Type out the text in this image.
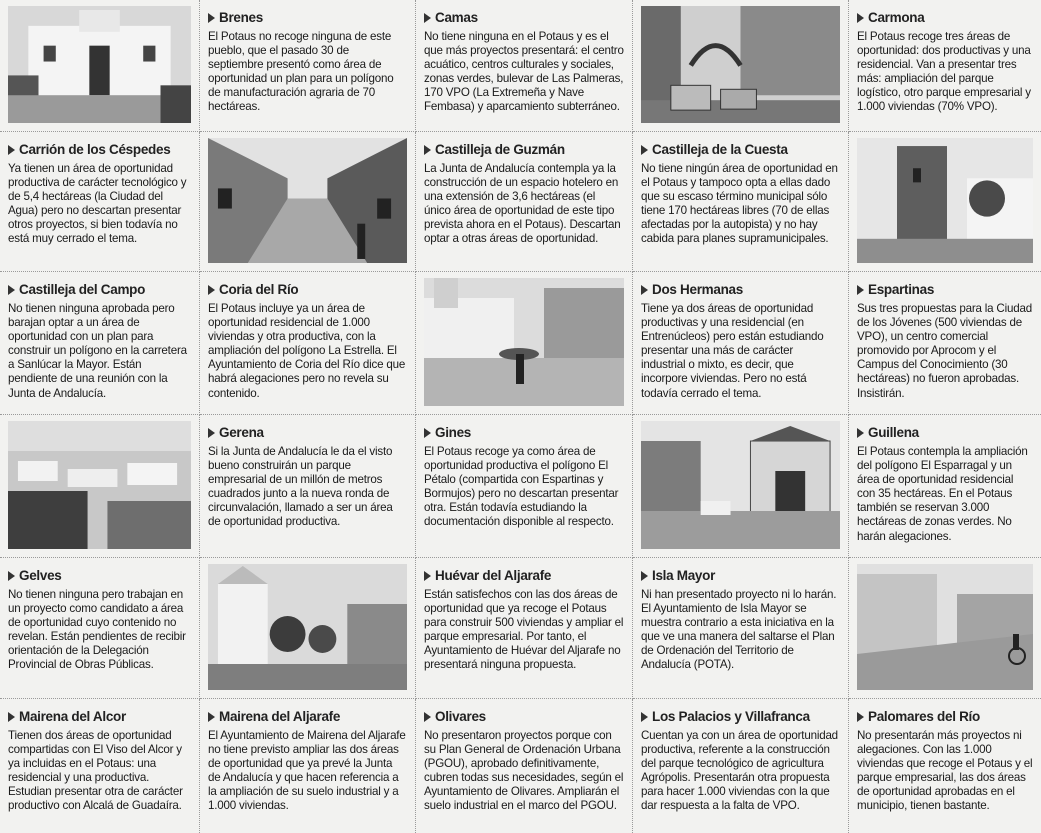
Brenes

El Potaus no recoge ninguna de este pueblo, que el pasado 30 de septiembre presentó como área de oportunidad un plan para un polígono de manufacturación agraria de 70 hectáreas.

Camas

No tiene ninguna en el Potaus y es el que más proyectos presentará: el centro acuático, centros culturales y sociales, zonas verdes, bulevar de Las Palmeras, 170 VPO (La Extremeña y Nave Fembasa) y aparcamiento subterráneo.

Carmona

El Potaus recoge tres áreas de oportunidad: dos productivas y una residencial. Van a presentar tres más: ampliación del parque logístico, otro parque empresarial y 1.000 viviendas (70% VPO).

Carrión de los Céspedes

Ya tienen un área de oportunidad productiva de carácter tecnológico y de 5,4 hectáreas (la Ciudad del Agua) pero no descartan presentar otros proyectos, si bien todavía no está muy cerrado el tema.

Castilleja de Guzmán

La Junta de Andalucía contempla ya la construcción de un espacio hotelero en una extensión de 3,6 hectáreas (el único área de oportunidad de este tipo prevista ahora en el Potaus). Descartan optar a otras áreas de oportunidad.

Castilleja de la Cuesta

No tiene ningún área de oportunidad en el Potaus y tampoco opta a ellas dado que su escaso término municipal sólo tiene 170 hectáreas libres (70 de ellas afectadas por la autopista) y no hay cabida para planes supramunicipales.

Castilleja del Campo

No tienen ninguna aprobada pero barajan optar a un área de oportunidad con un plan para construir un polígono en la carretera a Sanlúcar la Mayor. Están pendiente de una reunión con la Junta de Andalucía.

Coria del Río

El Potaus incluye ya un área de oportunidad residencial de 1.000 viviendas y otra productiva, con la ampliación del polígono La Estrella. El Ayuntamiento de Coria del Río dice que habrá alegaciones pero no revela su contenido.

Dos Hermanas

Tiene ya dos áreas de oportunidad productivas y una residencial (en Entrenúcleos) pero están estudiando presentar una más de carácter industrial o mixto, es decir, que incorpore viviendas. Pero no está todavía cerrado el tema.

Espartinas

Sus tres propuestas para la Ciudad de los Jóvenes (500 viviendas de VPO), un centro comercial promovido por Aprocom y el Campus del Conocimiento (30 hectáreas) no fueron aprobadas. Insistirán.

Gerena

Si la Junta de Andalucía le da el visto bueno construirán un parque empresarial de un millón de metros cuadrados junto a la nueva ronda de circunvalación, llamado a ser un área de oportunidad productiva.

Gines

El Potaus recoge ya como área de oportunidad productiva el polígono El Pétalo (compartida con Espartinas y Bormujos) pero no descartan presentar otra. Están todavía estudiando la documentación disponible al respecto.

Guillena

El Potaus contempla la ampliación del polígono El Esparragal y un área de oportunidad residencial con 35 hectáreas. En el Potaus también se reservan 3.000 hectáreas de zonas verdes. No harán alegaciones.

Gelves

No tienen ninguna pero trabajan en un proyecto como candidato a área de oportunidad cuyo contenido no revelan. Están pendientes de recibir orientación de la Delegación Provincial de Obras Públicas.

Huévar del Aljarafe

Están satisfechos con las dos áreas de oportunidad que ya recoge el Potaus para construir 500 viviendas y ampliar el parque empresarial. Por tanto, el Ayuntamiento de Huévar del Aljarafe no presentará ninguna propuesta.

Isla Mayor

Ni han presentado proyecto ni lo harán. El Ayuntamiento de Isla Mayor se muestra contrario a esta iniciativa en la que ve una manera del saltarse el Plan de Ordenación del Territorio de Andalucía (POTA).

Mairena del Alcor

Tienen dos áreas de oportunidad compartidas con El Viso del Alcor y ya incluidas en el Potaus: una residencial y una productiva. Estudian presentar otra de carácter productivo con Alcalá de Guadaíra.

Mairena del Aljarafe

El Ayuntamiento de Mairena del Aljarafe no tiene previsto ampliar las dos áreas de oportunidad que ya prevé la Junta de Andalucía y que hacen referencia a la ampliación de su suelo industrial y a 1.000 viviendas.

Olivares

No presentaron proyectos porque con su Plan General de Ordenación Urbana (PGOU), aprobado definitivamente, cubren todas sus necesidades, según el Ayuntamiento de Olivares. Ampliarán el suelo industrial en el marco del PGOU.

Los Palacios y Villafranca

Cuentan ya con un área de oportunidad productiva, referente a la construcción del parque tecnológico de agricultura Agrópolis. Presentarán otra propuesta para hacer 1.000 viviendas con la que dar respuesta a la falta de VPO.

Palomares del Río

No presentarán más proyectos ni alegaciones. Con las 1.000 viviendas que recoge el Potaus y el parque empresarial, las dos áreas de oportunidad aprobadas en el municipio, tienen bastante.
